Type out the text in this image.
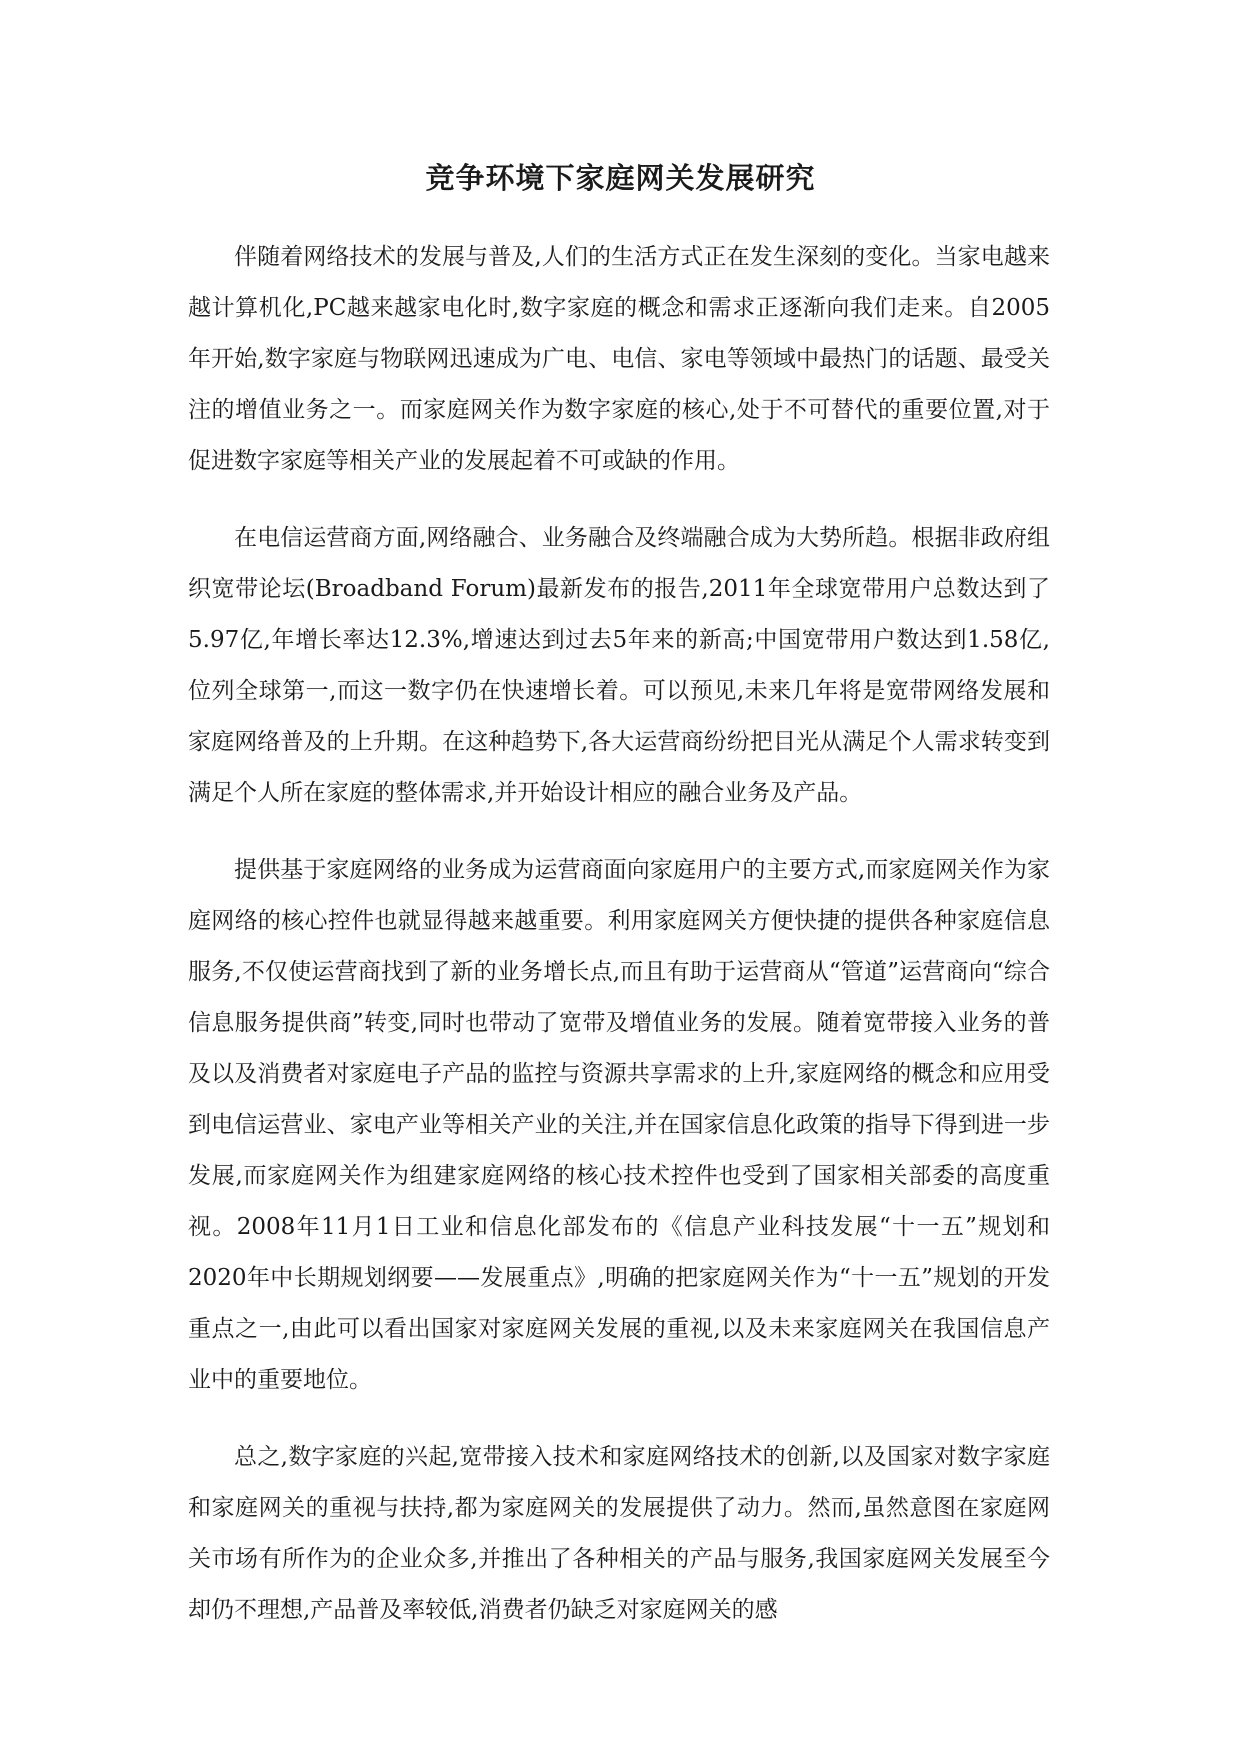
竞争环境下家庭网关发展研究

伴随着网络技术的发展与普及,人们的生活方式正在发生深刻的变化。当家电越来越计算机化,PC越来越家电化时,数字家庭的概念和需求正逐渐向我们走来。自2005年开始,数字家庭与物联网迅速成为广电、电信、家电等领域中最热门的话题、最受关注的增值业务之一。而家庭网关作为数字家庭的核心,处于不可替代的重要位置,对于促进数字家庭等相关产业的发展起着不可或缺的作用。

在电信运营商方面,网络融合、业务融合及终端融合成为大势所趋。根据非政府组织宽带论坛(Broadband Forum)最新发布的报告,2011年全球宽带用户总数达到了5.97亿,年增长率达12.3%,增速达到过去5年来的新高;中国宽带用户数达到1.58亿,位列全球第一,而这一数字仍在快速增长着。可以预见,未来几年将是宽带网络发展和家庭网络普及的上升期。在这种趋势下,各大运营商纷纷把目光从满足个人需求转变到满足个人所在家庭的整体需求,并开始设计相应的融合业务及产品。

提供基于家庭网络的业务成为运营商面向家庭用户的主要方式,而家庭网关作为家庭网络的核心控件也就显得越来越重要。利用家庭网关方便快捷的提供各种家庭信息服务,不仅使运营商找到了新的业务增长点,而且有助于运营商从“管道”运营商向“综合信息服务提供商”转变,同时也带动了宽带及增值业务的发展。随着宽带接入业务的普及以及消费者对家庭电子产品的监控与资源共享需求的上升,家庭网络的概念和应用受到电信运营业、家电产业等相关产业的关注,并在国家信息化政策的指导下得到进一步发展,而家庭网关作为组建家庭网络的核心技术控件也受到了国家相关部委的高度重视。2008年11月1日工业和信息化部发布的《信息产业科技发展“十一五”规划和2020年中长期规划纲要——发展重点》,明确的把家庭网关作为“十一五”规划的开发重点之一,由此可以看出国家对家庭网关发展的重视,以及未来家庭网关在我国信息产业中的重要地位。

总之,数字家庭的兴起,宽带接入技术和家庭网络技术的创新,以及国家对数字家庭和家庭网关的重视与扶持,都为家庭网关的发展提供了动力。然而,虽然意图在家庭网关市场有所作为的企业众多,并推出了各种相关的产品与服务,我国家庭网关发展至今却仍不理想,产品普及率较低,消费者仍缺乏对家庭网关的感
